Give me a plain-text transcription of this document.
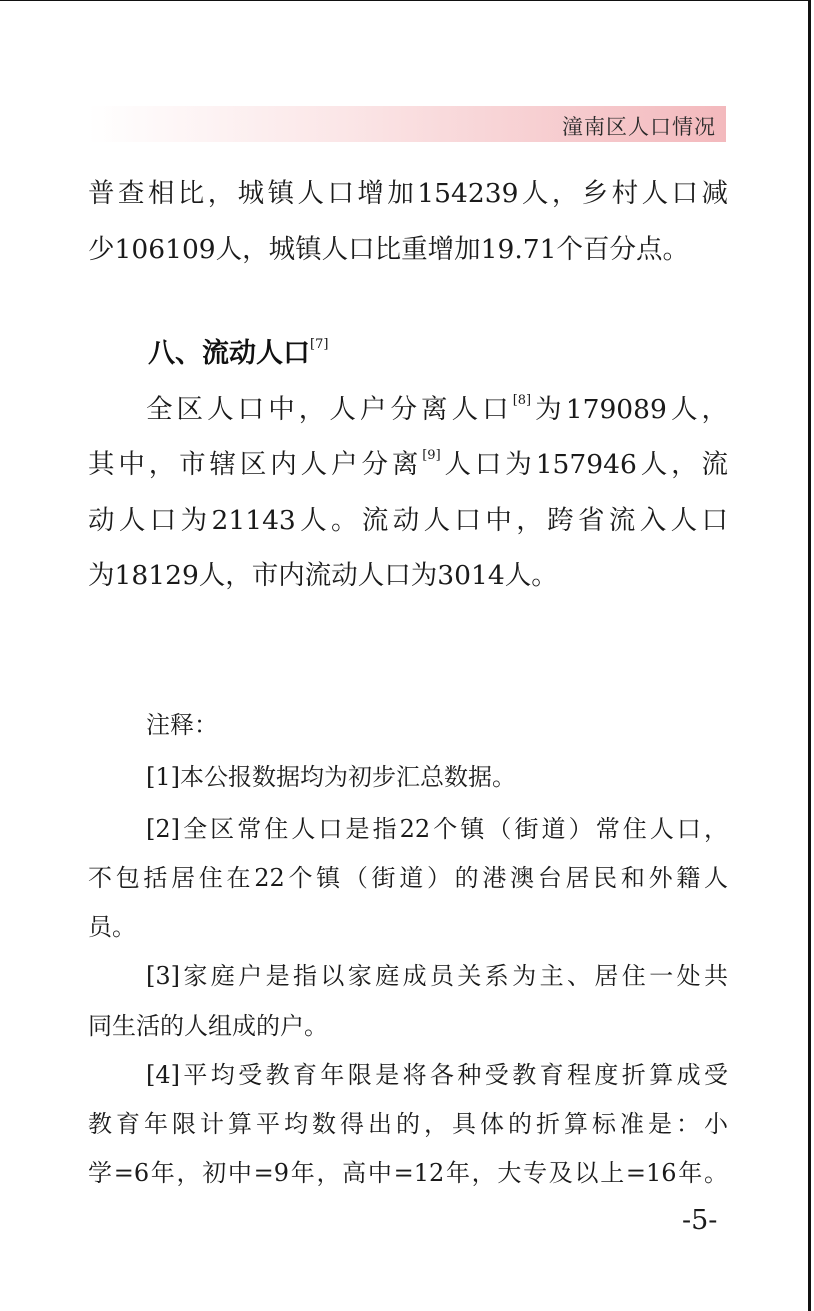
潼南区人口情况
普查相比，城镇人口增加154239人，乡村人口减
少106109人，城镇人口比重增加19.71个百分点。
八、流动人口[7]
全区人口中，人户分离人口[8]为179089人，
其中，市辖区内人户分离[9]人口为157946人，流
动人口为21143人。流动人口中，跨省流入人口
为18129人，市内流动人口为3014人。
注释：
[1]本公报数据均为初步汇总数据。
[2]全区常住人口是指22个镇（街道）常住人口，
不包括居住在22个镇（街道）的港澳台居民和外籍人
员。
[3]家庭户是指以家庭成员关系为主、居住一处共
同生活的人组成的户。
[4]平均受教育年限是将各种受教育程度折算成受
教育年限计算平均数得出的，具体的折算标准是：小
学=6年，初中=9年，高中=12年，大专及以上=16年。
-5-
